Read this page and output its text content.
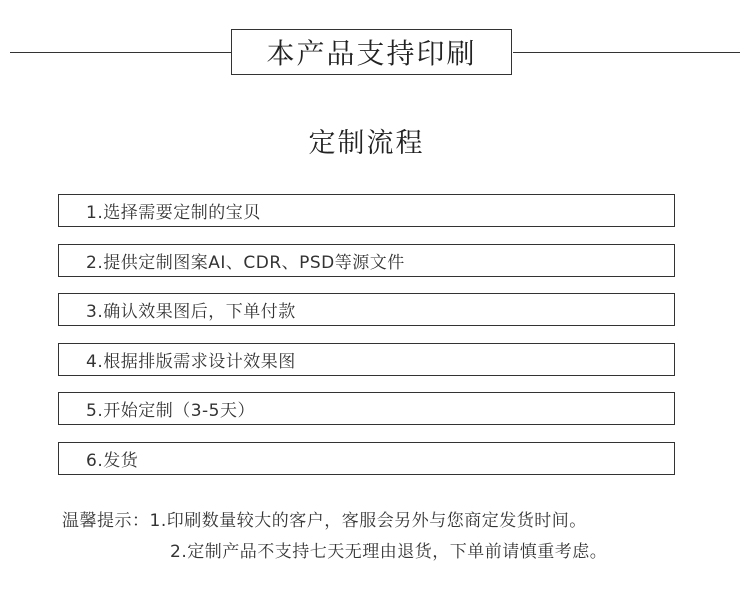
本产品支持印刷
定制流程
1.选择需要定制的宝贝
2.提供定制图案AI、CDR、PSD等源文件
3.确认效果图后，下单付款
4.根据排版需求设计效果图
5.开始定制（3-5天）
6.发货
温馨提示：1.印刷数量较大的客户，客服会另外与您商定发货时间。
2.定制产品不支持七天无理由退货，下单前请慎重考虑。
